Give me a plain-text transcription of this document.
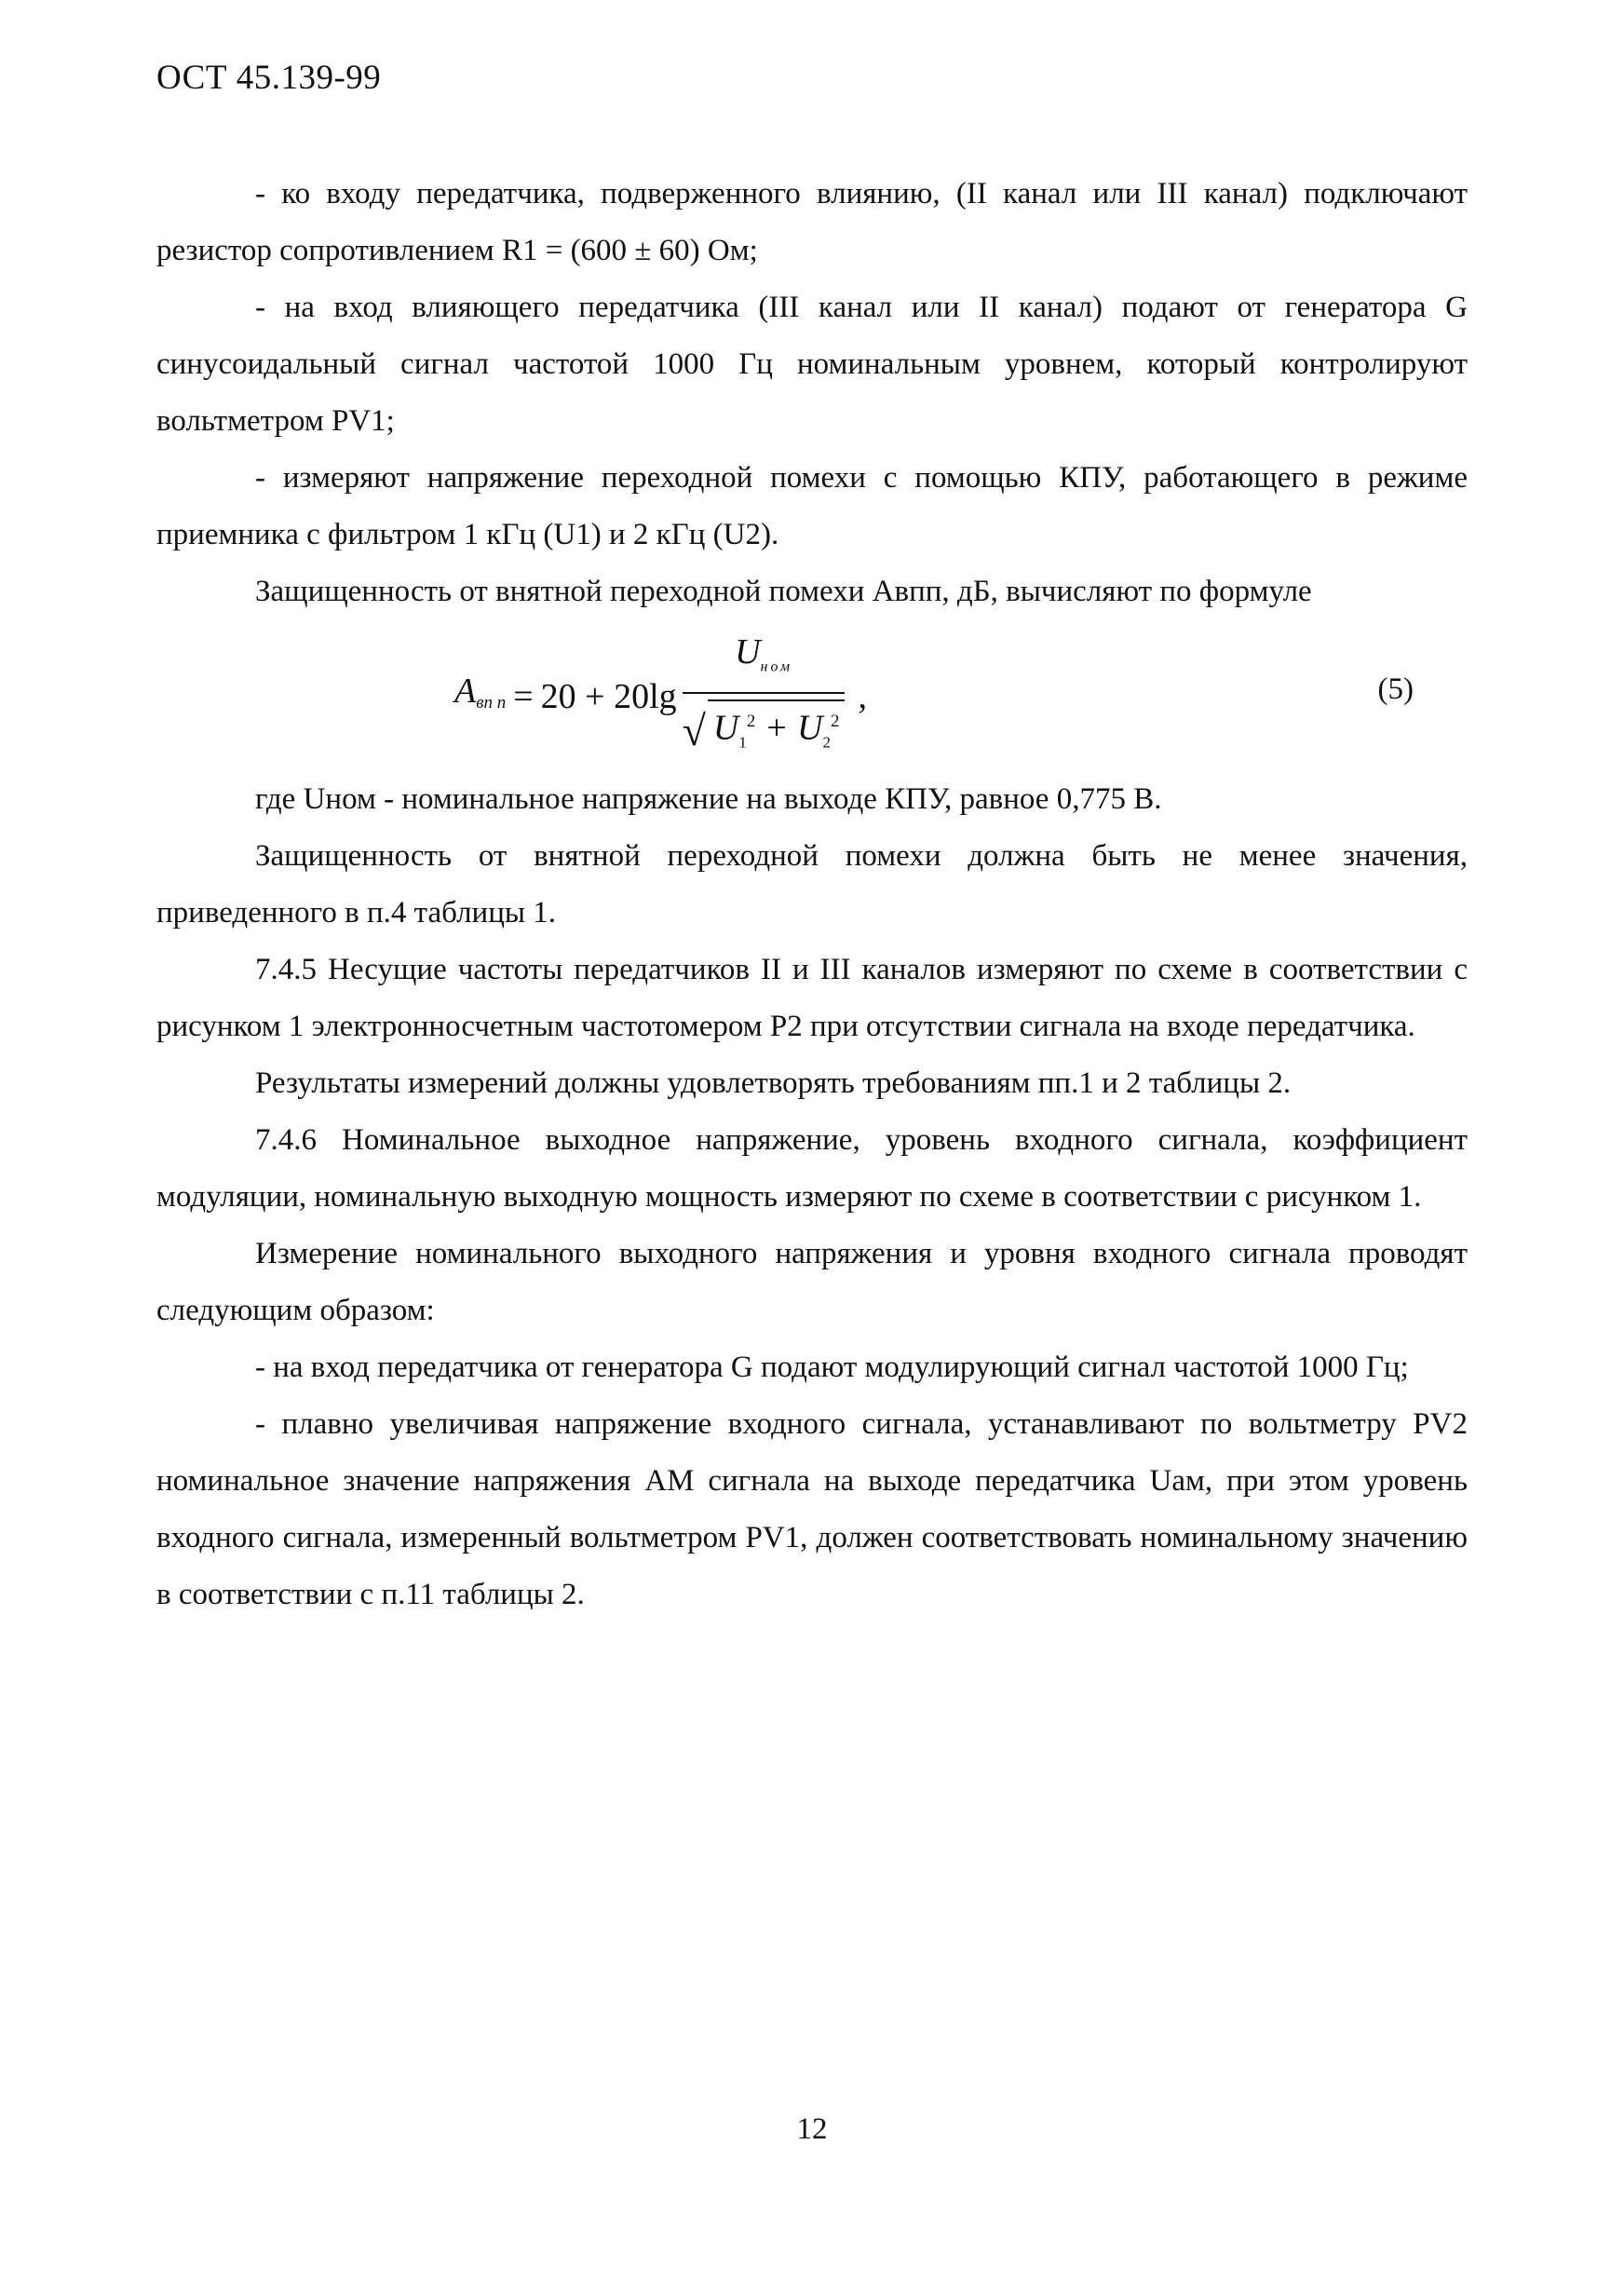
ОСТ 45.139-99

- ко входу передатчика, подверженного влиянию, (II канал или III канал) подключают резистор сопротивлением R1 = (600 ± 60) Ом;

- на вход влияющего передатчика (III канал или II канал) подают от генератора G синусоидальный сигнал частотой 1000 Гц номинальным уровнем, который контролируют вольтметром PV1;

- измеряют напряжение переходной помехи с помощью КПУ, работающего в режиме приемника с фильтром 1 кГц (U1) и 2 кГц (U2).

Защищенность от внятной переходной помехи Авпп, дБ, вычисляют по формуле

$A_{вп п} = 20 + 20\lg \frac{U_{ном}}{√ U_1^2 + U_2^2}$ ,	(5)

где Uном - номинальное напряжение на выходе КПУ, равное 0,775 В.

Защищенность от внятной переходной помехи должна быть не менее значения, приведенного в п.4 таблицы 1.

7.4.5 Несущие частоты передатчиков II и III каналов измеряют по схеме в соответствии с рисунком 1 электронносчетным частотомером Р2 при отсутствии сигнала на входе передатчика.

Результаты измерений должны удовлетворять требованиям пп.1 и 2 таблицы 2.

7.4.6 Номинальное выходное напряжение, уровень входного сигнала, коэффициент модуляции, номинальную выходную мощность измеряют по схеме в соответствии с рисунком 1.

Измерение номинального выходного напряжения и уровня входного сигнала проводят следующим образом:

- на вход передатчика от генератора G подают модулирующий сигнал частотой 1000 Гц;

- плавно увеличивая напряжение входного сигнала, устанавливают по вольтметру PV2 номинальное значение напряжения АМ сигнала на выходе передатчика Uам, при этом уровень входного сигнала, измеренный вольтметром PV1, должен соответствовать номинальному значению в соответствии с п.11 таблицы 2.

12
